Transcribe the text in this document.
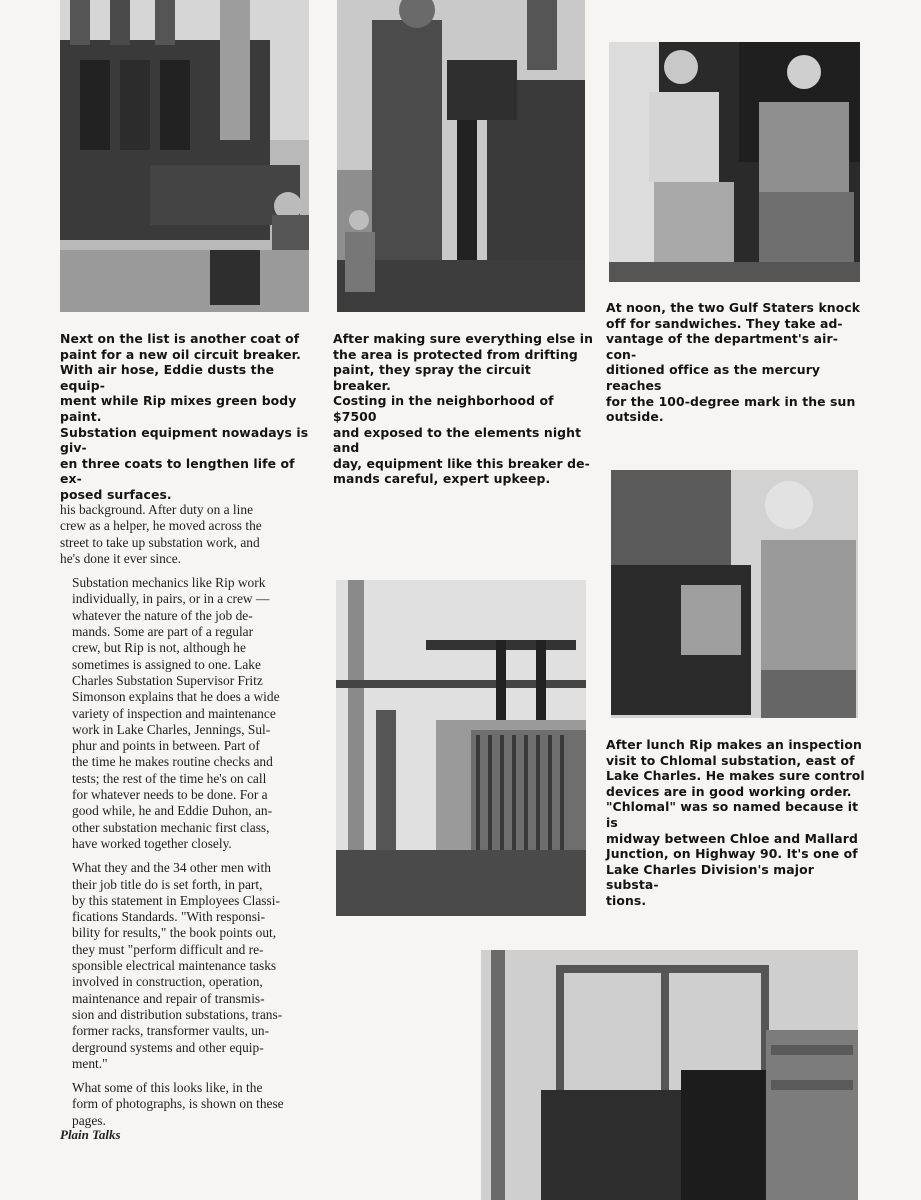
Next on the list is another coat of
paint for a new oil circuit breaker.
With air hose, Eddie dusts the equip-
ment while Rip mixes green body paint.
Substation equipment nowadays is giv-
en three coats to lengthen life of ex-
posed surfaces.
After making sure everything else in
the area is protected from drifting
paint, they spray the circuit breaker.
Costing in the neighborhood of $7500
and exposed to the elements night and
day, equipment like this breaker de-
mands careful, expert upkeep.
At noon, the two Gulf Staters knock
off for sandwiches. They take ad-
vantage of the department's air-con-
ditioned office as the mercury reaches
for the 100-degree mark in the sun
outside.
After lunch Rip makes an inspection
visit to Chlomal substation, east of
Lake Charles. He makes sure control
devices are in good working order.
"Chlomal" was so named because it is
midway between Chloe and Mallard
Junction, on Highway 90. It's one of
Lake Charles Division's major substa-
tions.

his background. After duty on a line
crew as a helper, he moved across the
street to take up substation work, and
he's done it ever since.

Substation mechanics like Rip work
individually, in pairs, or in a crew —
whatever the nature of the job de-
mands. Some are part of a regular
crew, but Rip is not, although he
sometimes is assigned to one. Lake
Charles Substation Supervisor Fritz
Simonson explains that he does a wide
variety of inspection and maintenance
work in Lake Charles, Jennings, Sul-
phur and points in between. Part of
the time he makes routine checks and
tests; the rest of the time he's on call
for whatever needs to be done. For a
good while, he and Eddie Duhon, an-
other substation mechanic first class,
have worked together closely.

What they and the 34 other men with
their job title do is set forth, in part,
by this statement in Employees Classi-
fications Standards. "With responsi-
bility for results," the book points out,
they must "perform difficult and re-
sponsible electrical maintenance tasks
involved in construction, operation,
maintenance and repair of transmis-
sion and distribution substations, trans-
former racks, transformer vaults, un-
derground systems and other equip-
ment."

What some of this looks like, in the
form of photographs, is shown on these
pages.

Plain Talks
